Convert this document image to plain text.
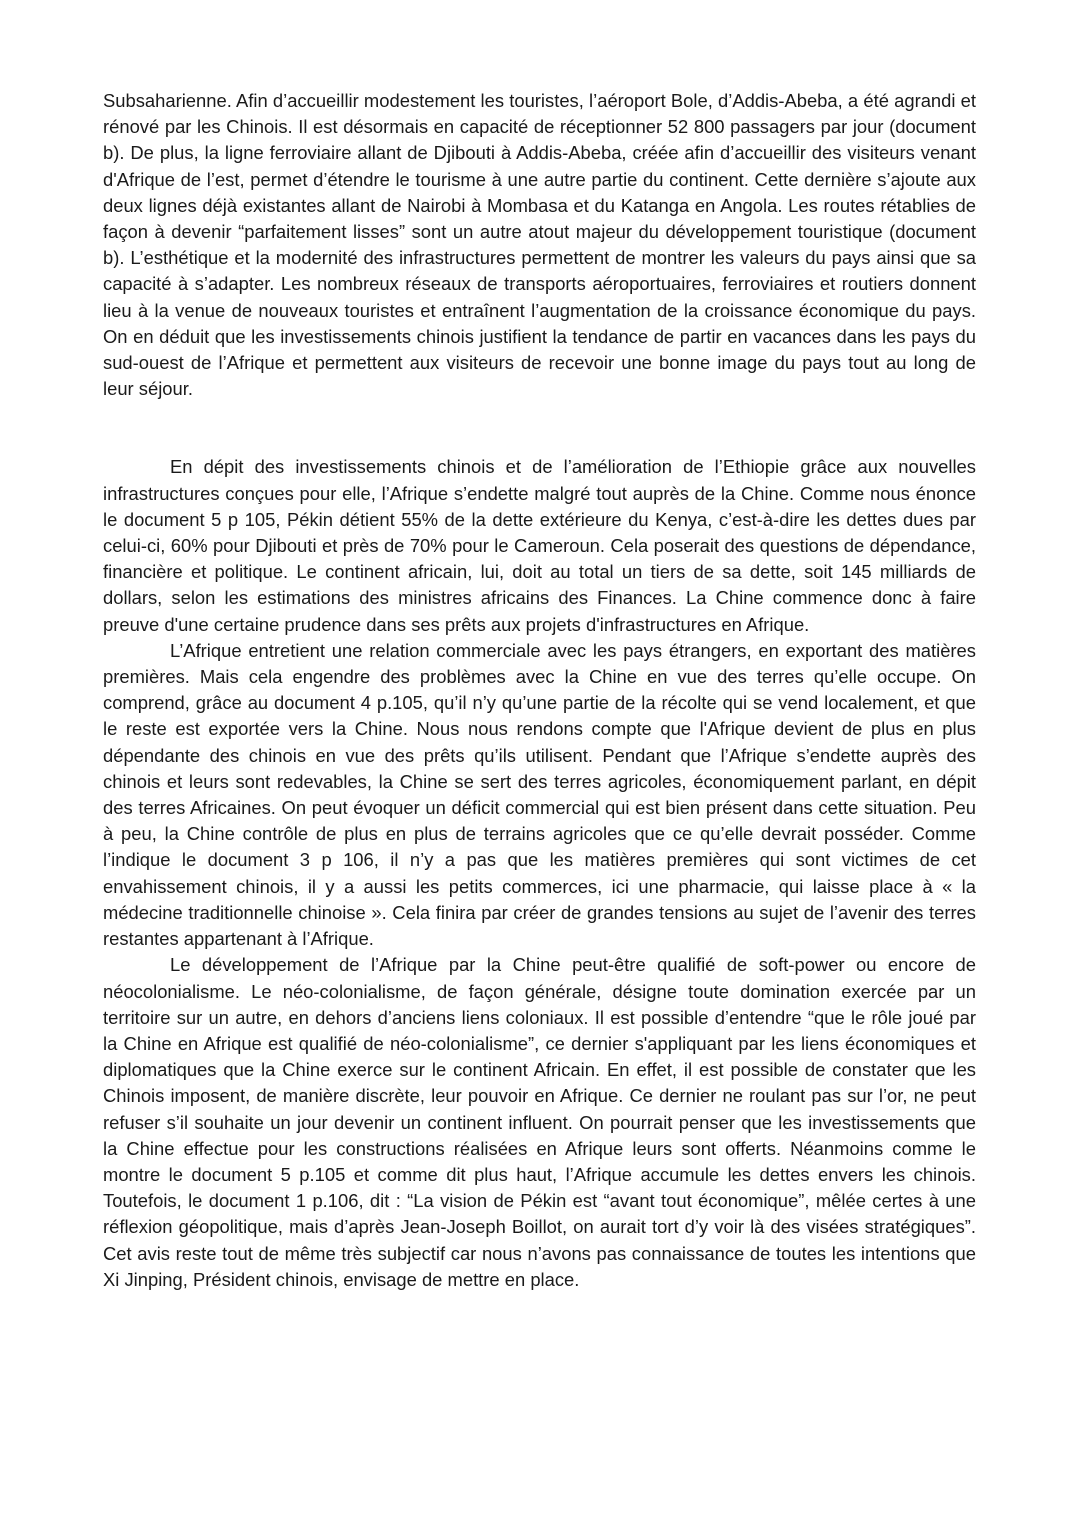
Subsaharienne. Afin d’accueillir modestement les touristes, l’aéroport Bole, d’Addis-Abeba, a été agrandi et rénové par les Chinois. Il est désormais en capacité de réceptionner 52 800 passagers par jour (document b). De plus, la ligne ferroviaire allant de Djibouti à Addis-Abeba, créée afin d’accueillir des visiteurs venant d'Afrique de l’est, permet d’étendre le tourisme à une autre partie du continent. Cette dernière s’ajoute aux deux lignes déjà existantes allant de Nairobi à Mombasa et du Katanga en Angola. Les routes rétablies de façon à devenir “parfaitement lisses” sont un autre atout majeur du développement touristique (document b). L’esthétique et la modernité des infrastructures permettent de montrer les valeurs du pays ainsi que sa capacité à s’adapter. Les nombreux réseaux de transports aéroportuaires, ferroviaires et routiers donnent lieu à la venue de nouveaux touristes et entraînent l’augmentation de la croissance économique du pays. On en déduit que les investissements chinois justifient la tendance de partir en vacances dans les pays du sud-ouest de l’Afrique et permettent aux visiteurs de recevoir une bonne image du pays tout au long de leur séjour.

En dépit des investissements chinois et de l’amélioration de l’Ethiopie grâce aux nouvelles infrastructures conçues pour elle, l’Afrique s’endette malgré tout auprès de la Chine. Comme nous énonce le document 5 p 105, Pékin détient 55% de la dette extérieure du Kenya, c’est-à-dire les dettes dues par celui-ci, 60% pour Djibouti et près de 70% pour le Cameroun. Cela poserait des questions de dépendance, financière et politique. Le continent africain, lui, doit au total un tiers de sa dette, soit 145 milliards de dollars, selon les estimations des ministres africains des Finances. La Chine commence donc à faire preuve d'une certaine prudence dans ses prêts aux projets d'infrastructures en Afrique.

L’Afrique entretient une relation commerciale avec les pays étrangers, en exportant des matières premières. Mais cela engendre des problèmes avec la Chine en vue des terres qu’elle occupe. On comprend, grâce au document 4 p.105, qu’il n’y qu’une partie de la récolte qui se vend localement, et que le reste est exportée vers la Chine. Nous nous rendons compte que l'Afrique devient de plus en plus dépendante des chinois en vue des prêts qu’ils utilisent. Pendant que l’Afrique s’endette auprès des chinois et leurs sont redevables, la Chine se sert des terres agricoles, économiquement parlant, en dépit des terres Africaines. On peut évoquer un déficit commercial qui est bien présent dans cette situation. Peu à peu, la Chine contrôle de plus en plus de terrains agricoles que ce qu’elle devrait posséder. Comme l’indique le document 3 p 106, il n’y a pas que les matières premières qui sont victimes de cet envahissement chinois, il y a aussi les petits commerces, ici une pharmacie, qui laisse place à « la médecine traditionnelle chinoise ». Cela finira par créer de grandes tensions au sujet de l’avenir des terres restantes appartenant à l’Afrique.

Le développement de l’Afrique par la Chine peut-être qualifié de soft-power ou encore de néocolonialisme. Le néo-colonialisme, de façon générale, désigne toute domination exercée par un territoire sur un autre, en dehors d’anciens liens coloniaux. Il est possible d’entendre “que le rôle joué par la Chine en Afrique est qualifié de néo-colonialisme”, ce dernier s'appliquant par les liens économiques et diplomatiques que la Chine exerce sur le continent Africain. En effet, il est possible de constater que les Chinois imposent, de manière discrète, leur pouvoir en Afrique. Ce dernier ne roulant pas sur l’or, ne peut refuser s’il souhaite un jour devenir un continent influent. On pourrait penser que les investissements que la Chine effectue pour les constructions réalisées en Afrique leurs sont offerts. Néanmoins comme le montre le document 5 p.105 et comme dit plus haut, l’Afrique accumule les dettes envers les chinois. Toutefois, le document 1 p.106, dit : “La vision de Pékin est “avant tout économique”, mêlée certes à une réflexion géopolitique, mais d’après Jean-Joseph Boillot, on aurait tort d’y voir là des visées stratégiques”. Cet avis reste tout de même très subjectif car nous n’avons pas connaissance de toutes les intentions que Xi Jinping, Président chinois, envisage de mettre en place.
